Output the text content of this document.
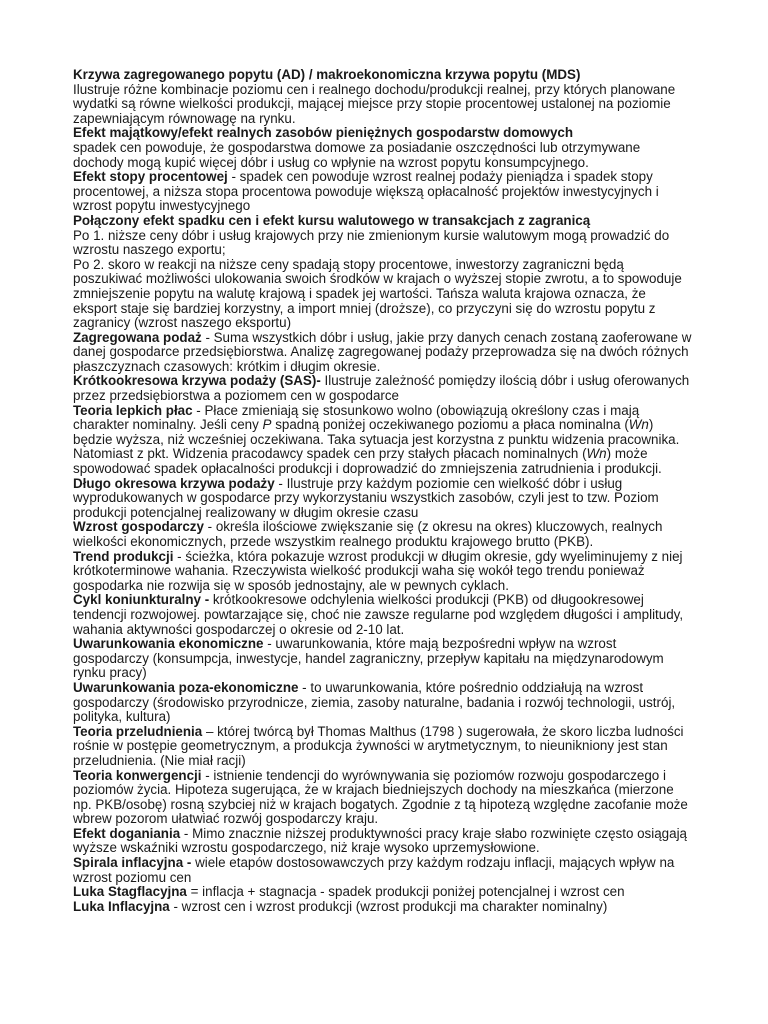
Krzywa zagregowanego popytu (AD) / makroekonomiczna krzywa popytu (MDS)
Ilustruje różne kombinacje poziomu cen i realnego dochodu/produkcji realnej, przy których planowane wydatki są równe wielkości produkcji, mającej miejsce przy stopie procentowej ustalonej na poziomie zapewniającym równowagę na rynku.

Efekt majątkowy/efekt realnych zasobów pieniężnych gospodarstw domowych
spadek cen powoduje, że gospodarstwa domowe za posiadanie oszczędności lub otrzymywane dochody mogą kupić więcej dóbr i usług co wpłynie na wzrost popytu konsumpcyjnego.

Efekt stopy procentowej - spadek cen powoduje wzrost realnej podaży pieniądza i spadek stopy procentowej, a niższa stopa procentowa powoduje większą opłacalność projektów inwestycyjnych i wzrost popytu inwestycyjnego

Połączony efekt spadku cen i efekt kursu walutowego w transakcjach z zagranicą
Po 1. niższe ceny dóbr i usług krajowych przy nie zmienionym kursie walutowym mogą prowadzić do wzrostu naszego exportu;
Po 2. skoro w reakcji na niższe ceny spadają stopy procentowe, inwestorzy zagraniczni będą poszukiwać możliwości ulokowania swoich środków w krajach o wyższej stopie zwrotu, a to spowoduje zmniejszenie popytu na walutę krajową i spadek jej wartości. Tańsza waluta krajowa oznacza, że eksport staje się bardziej korzystny, a import mniej (droższe), co przyczyni się do wzrostu popytu z zagranicy (wzrost naszego eksportu)

Zagregowana podaż - Suma wszystkich dóbr i usług, jakie przy danych cenach zostaną zaoferowane w danej gospodarce przedsiębiorstwa. Analizę zagregowanej podaży przeprowadza się na dwóch różnych płaszczyznach czasowych: krótkim i długim okresie.

Krótkookresowa krzywa podaży (SAS)- Ilustruje zależność pomiędzy ilością dóbr i usług oferowanych przez przedsiębiorstwa a poziomem cen w gospodarce

Teoria lepkich płac - Płace zmieniają się stosunkowo wolno (obowiązują określony czas i mają charakter nominalny. Jeśli ceny P spadną poniżej oczekiwanego poziomu a płaca nominalna (Wn) będzie wyższa, niż wcześniej oczekiwana. Taka sytuacja jest korzystna z punktu widzenia pracownika. Natomiast z pkt. Widzenia pracodawcy spadek cen przy stałych płacach nominalnych (Wn) może spowodować spadek opłacalności produkcji i doprowadzić do zmniejszenia zatrudnienia i produkcji.

Długo okresowa krzywa podaży - Ilustruje przy każdym poziomie cen wielkość dóbr i usług wyprodukowanych w gospodarce przy wykorzystaniu wszystkich zasobów, czyli jest to tzw. Poziom produkcji potencjalnej realizowany w długim okresie czasu

Wzrost gospodarczy - określa ilościowe zwiększanie się (z okresu na okres) kluczowych, realnych wielkości ekonomicznych, przede wszystkim realnego produktu krajowego brutto (PKB).

Trend produkcji - ścieżka, która pokazuje wzrost produkcji w długim okresie, gdy wyeliminujemy z niej krótkoterminowe wahania. Rzeczywista wielkość produkcji waha się wokół tego trendu ponieważ gospodarka nie rozwija się w sposób jednostajny, ale w pewnych cyklach.

Cykl koniunkturalny - krótkookresowe odchylenia wielkości produkcji (PKB) od długookresowej tendencji rozwojowej. powtarzające się, choć nie zawsze regularne pod względem długości i amplitudy, wahania aktywności gospodarczej o okresie od 2-10 lat.

Uwarunkowania ekonomiczne - uwarunkowania, które mają bezpośredni wpływ na wzrost gospodarczy (konsumpcja, inwestycje, handel zagraniczny, przepływ kapitału na międzynarodowym rynku pracy)

Uwarunkowania poza-ekonomiczne - to uwarunkowania, które pośrednio oddziałują na wzrost gospodarczy (środowisko przyrodnicze, ziemia, zasoby naturalne, badania i rozwój technologii, ustrój, polityka, kultura)

Teoria przeludnienia – której twórcą był Thomas Malthus (1798 ) sugerowała, że skoro liczba ludności rośnie w postępie geometrycznym, a produkcja żywności w arytmetycznym, to nieunikniony jest stan przeludnienia. (Nie miał racji)

Teoria konwergencji - istnienie tendencji do wyrównywania się poziomów rozwoju gospodarczego i poziomów życia. Hipoteza sugerująca, że w krajach biedniejszych dochody na mieszkańca (mierzone np. PKB/osobę) rosną szybciej niż w krajach bogatych. Zgodnie z tą hipotezą względne zacofanie może wbrew pozorom ułatwiać rozwój gospodarczy kraju.

Efekt doganiania - Mimo znacznie niższej produktywności pracy kraje słabo rozwinięte często osiągają wyższe wskaźniki wzrostu gospodarczego, niż kraje wysoko uprzemysłowione.

Spirala inflacyjna - wiele etapów dostosowawczych przy każdym rodzaju inflacji, mających wpływ na wzrost poziomu cen

Luka Stagflacyjna = inflacja + stagnacja - spadek produkcji poniżej potencjalnej i wzrost cen

Luka Inflacyjna - wzrost cen i wzrost produkcji (wzrost produkcji ma charakter nominalny)
